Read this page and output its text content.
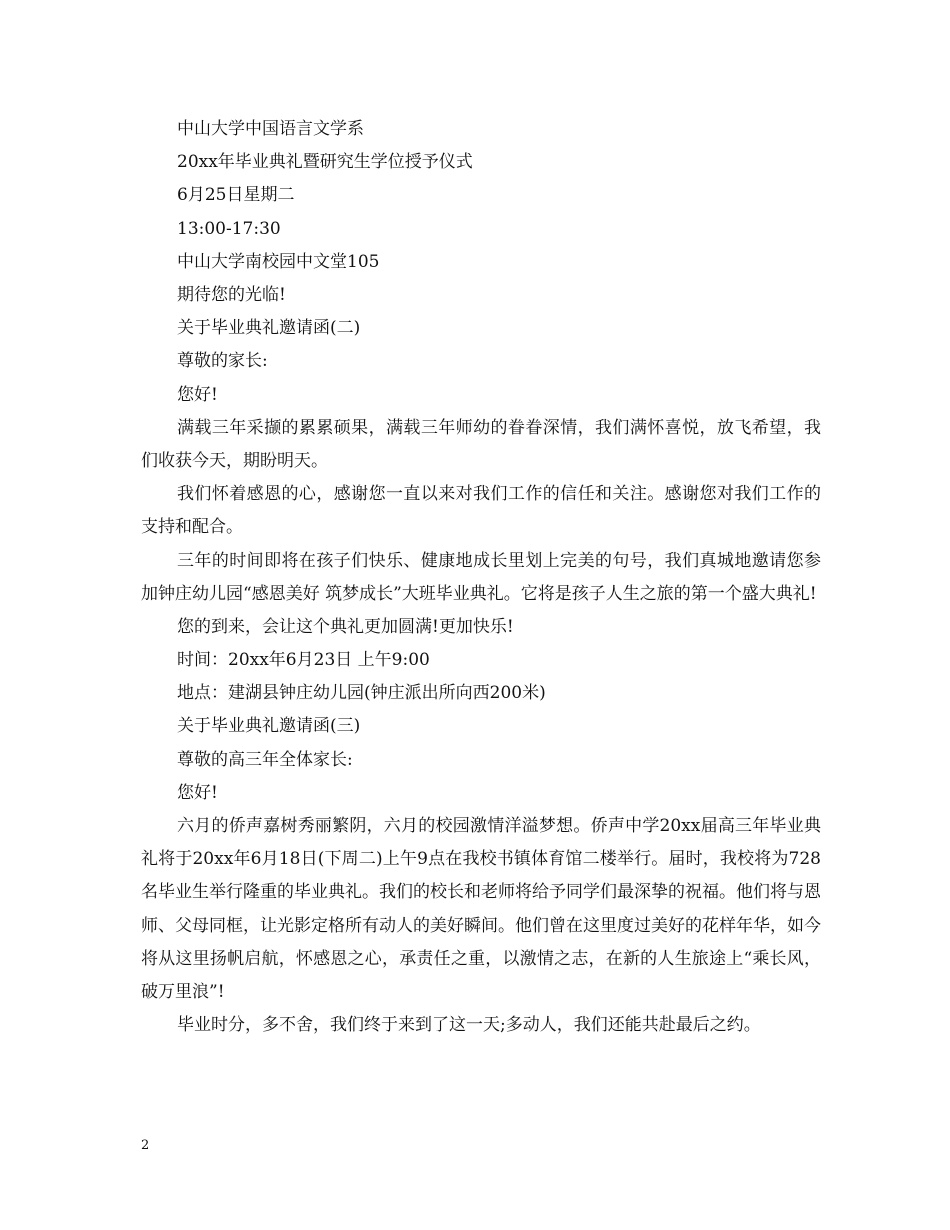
中山大学中国语言文学系
20xx年毕业典礼暨研究生学位授予仪式
6月25日星期二
13:00-17:30
中山大学南校园中文堂105
期待您的光临!
关于毕业典礼邀请函(二)
尊敬的家长:
您好!

满载三年采撷的累累硕果，满载三年师幼的眷眷深情，我们满怀喜悦，放飞希望，我们收获今天，期盼明天。

我们怀着感恩的心，感谢您一直以来对我们工作的信任和关注。感谢您对我们工作的支持和配合。

三年的时间即将在孩子们快乐、健康地成长里划上完美的句号，我们真城地邀请您参加钟庄幼儿园“感恩美好 筑梦成长”大班毕业典礼。它将是孩子人生之旅的第一个盛大典礼!

您的到来，会让这个典礼更加圆满!更加快乐!
时间：20xx年6月23日 上午9:00
地点：建湖县钟庄幼儿园(钟庄派出所向西200米)
关于毕业典礼邀请函(三)
尊敬的高三年全体家长:
您好!

六月的侨声嘉树秀丽繁阴，六月的校园激情洋溢梦想。侨声中学20xx届高三年毕业典礼将于20xx年6月18日(下周二)上午9点在我校书镇体育馆二楼举行。届时，我校将为728名毕业生举行隆重的毕业典礼。我们的校长和老师将给予同学们最深挚的祝福。他们将与恩师、父母同框，让光影定格所有动人的美好瞬间。他们曾在这里度过美好的花样年华，如今将从这里扬帆启航，怀感恩之心，承责任之重，以激情之志，在新的人生旅途上“乘长风，破万里浪”!

毕业时分，多不舍，我们终于来到了这一天;多动人，我们还能共赴最后之约。

2
